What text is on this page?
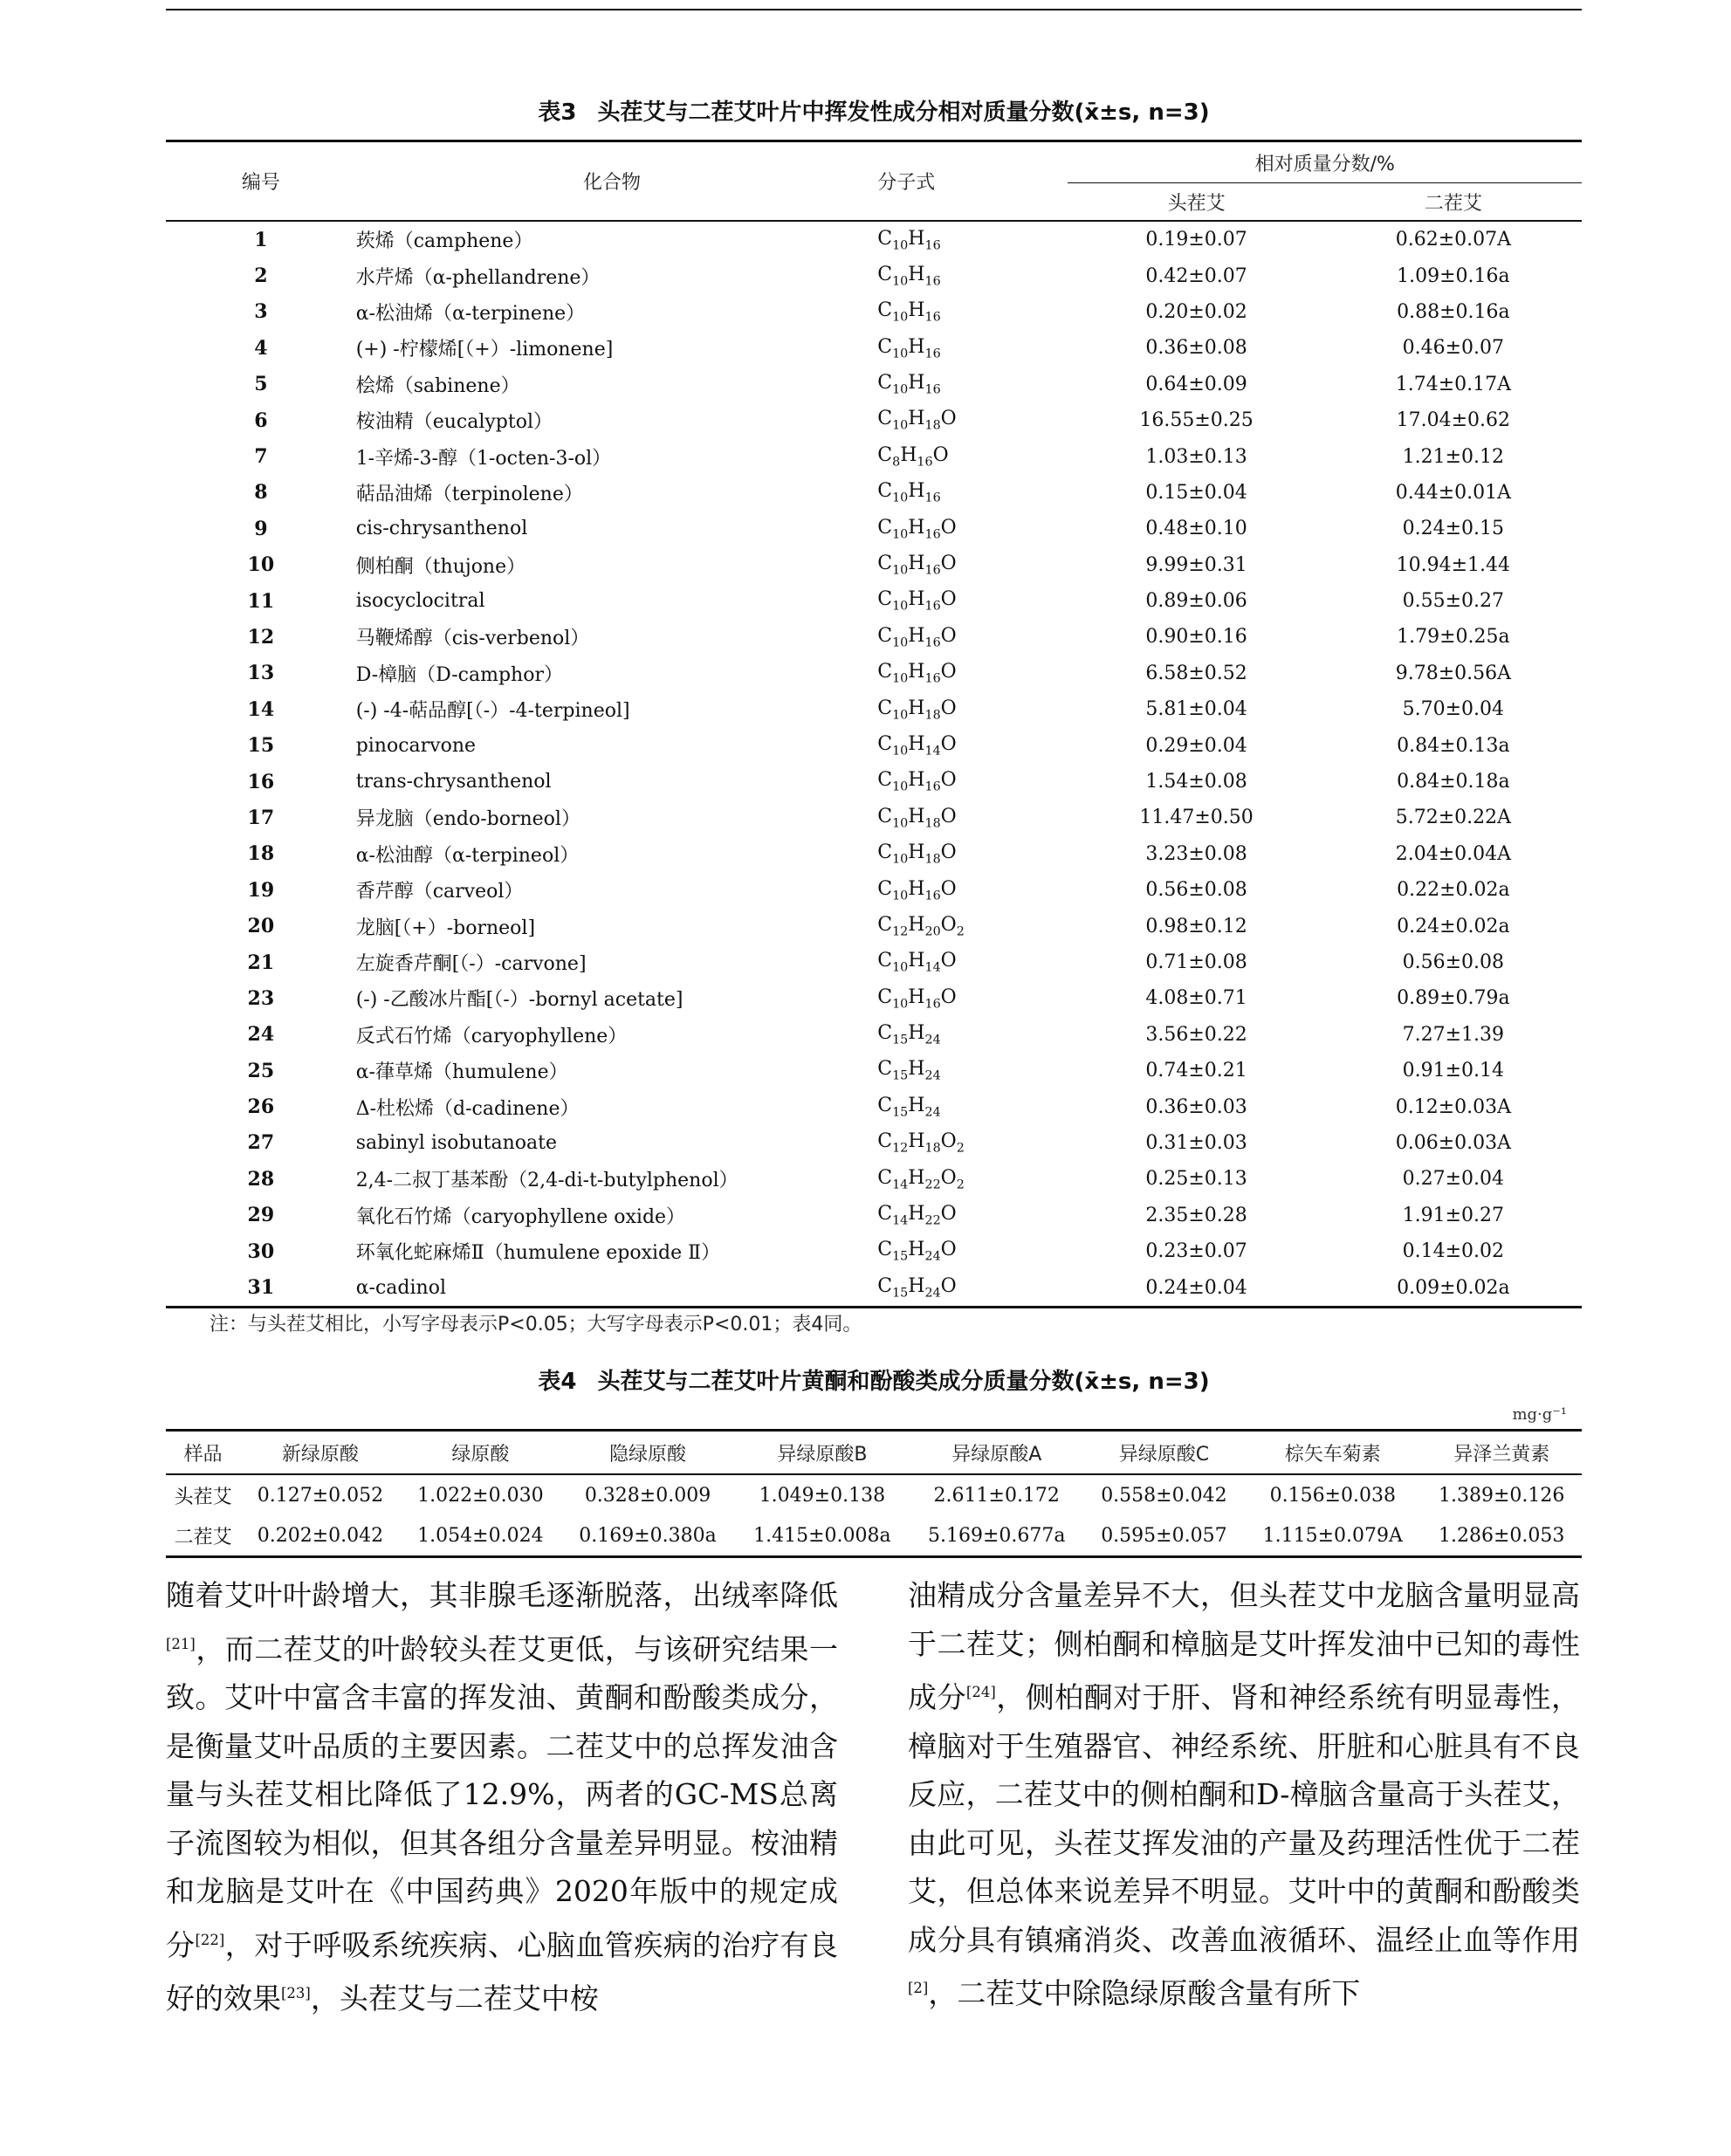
表3 头茬艾与二茬艾叶片中挥发性成分相对质量分数(x̄±s, n=3)
编号	化合物	分子式	相对质量分数/%	
			头茬艾	二茬艾
1	莰烯（camphene）	$C_{10}H_{16}$	0.19±0.07	0.62±0.07A
2	水芹烯（α-phellandrene）	$C_{10}H_{16}$	0.42±0.07	1.09±0.16a
3	α-松油烯（α-terpinene）	$C_{10}H_{16}$	0.20±0.02	0.88±0.16a
4	(+) -柠檬烯[（+）-limonene]	$C_{10}H_{16}$	0.36±0.08	0.46±0.07
5	桧烯（sabinene）	$C_{10}H_{16}$	0.64±0.09	1.74±0.17A
6	桉油精（eucalyptol）	$C_{10}H_{18}O$	16.55±0.25	17.04±0.62
7	1-辛烯-3-醇（1-octen-3-ol）	$C_8H_{16}O$	1.03±0.13	1.21±0.12
8	萜品油烯（terpinolene）	$C_{10}H_{16}$	0.15±0.04	0.44±0.01A
9	cis-chrysanthenol	$C_{10}H_{16}O$	0.48±0.10	0.24±0.15
10	侧柏酮（thujone）	$C_{10}H_{16}O$	9.99±0.31	10.94±1.44
11	isocyclocitral	$C_{10}H_{16}O$	0.89±0.06	0.55±0.27
12	马鞭烯醇（cis-verbenol）	$C_{10}H_{16}O$	0.90±0.16	1.79±0.25a
13	D-樟脑（D-camphor）	$C_{10}H_{16}O$	6.58±0.52	9.78±0.56A
14	(-) -4-萜品醇[（-）-4-terpineol]	$C_{10}H_{18}O$	5.81±0.04	5.70±0.04
15	pinocarvone	$C_{10}H_{14}O$	0.29±0.04	0.84±0.13a
16	trans-chrysanthenol	$C_{10}H_{16}O$	1.54±0.08	0.84±0.18a
17	异龙脑（endo-borneol）	$C_{10}H_{18}O$	11.47±0.50	5.72±0.22A
18	α-松油醇（α-terpineol）	$C_{10}H_{18}O$	3.23±0.08	2.04±0.04A
19	香芹醇（carveol）	$C_{10}H_{16}O$	0.56±0.08	0.22±0.02a
20	龙脑[（+）-borneol]	$C_{12}H_{20}O_2$	0.98±0.12	0.24±0.02a
21	左旋香芹酮[（-）-carvone]	$C_{10}H_{14}O$	0.71±0.08	0.56±0.08
23	(-) -乙酸冰片酯[（-）-bornyl acetate]	$C_{10}H_{16}O$	4.08±0.71	0.89±0.79a
24	反式石竹烯（caryophyllene）	$C_{15}H_{24}$	3.56±0.22	7.27±1.39
25	α-葎草烯（humulene）	$C_{15}H_{24}$	0.74±0.21	0.91±0.14
26	Δ-杜松烯（d-cadinene）	$C_{15}H_{24}$	0.36±0.03	0.12±0.03A
27	sabinyl isobutanoate	$C_{12}H_{18}O_2$	0.31±0.03	0.06±0.03A
28	2,4-二叔丁基苯酚（2,4-di-t-butylphenol）	$C_{14}H_{22}O_2$	0.25±0.13	0.27±0.04
29	氧化石竹烯（caryophyllene oxide）	$C_{14}H_{22}O$	2.35±0.28	1.91±0.27
30	环氧化蛇麻烯Ⅱ（humulene epoxide Ⅱ）	$C_{15}H_{24}O$	0.23±0.07	0.14±0.02
31	α-cadinol	$C_{15}H_{24}O$	0.24±0.04	0.09±0.02a
注：与头茬艾相比，小写字母表示P<0.05；大写字母表示P<0.01；表4同。
表4 头茬艾与二茬艾叶片黄酮和酚酸类成分质量分数(x̄±s, n=3)
mg·g⁻¹
样品	新绿原酸	绿原酸	隐绿原酸	异绿原酸B	异绿原酸A	异绿原酸C	棕矢车菊素	异泽兰黄素
头茬艾	0.127±0.052	1.022±0.030	0.328±0.009	1.049±0.138	2.611±0.172	0.558±0.042	0.156±0.038	1.389±0.126
二茬艾	0.202±0.042	1.054±0.024	0.169±0.380a	1.415±0.008a	5.169±0.677a	0.595±0.057	1.115±0.079A	1.286±0.053

随着艾叶叶龄增大，其非腺毛逐渐脱落，出绒率降低[21]，而二茬艾的叶龄较头茬艾更低，与该研究结果一致。艾叶中富含丰富的挥发油、黄酮和酚酸类成分，是衡量艾叶品质的主要因素。二茬艾中的总挥发油含量与头茬艾相比降低了12.9%，两者的GC-MS总离子流图较为相似，但其各组分含量差异明显。桉油精和龙脑是艾叶在《中国药典》2020年版中的规定成分[22]，对于呼吸系统疾病、心脑血管疾病的治疗有良好的效果[23]，头茬艾与二茬艾中桉

油精成分含量差异不大，但头茬艾中龙脑含量明显高于二茬艾；侧柏酮和樟脑是艾叶挥发油中已知的毒性成分[24]，侧柏酮对于肝、肾和神经系统有明显毒性，樟脑对于生殖器官、神经系统、肝脏和心脏具有不良反应，二茬艾中的侧柏酮和D-樟脑含量高于头茬艾，由此可见，头茬艾挥发油的产量及药理活性优于二茬艾，但总体来说差异不明显。艾叶中的黄酮和酚酸类成分具有镇痛消炎、改善血液循环、温经止血等作用[2]，二茬艾中除隐绿原酸含量有所下
